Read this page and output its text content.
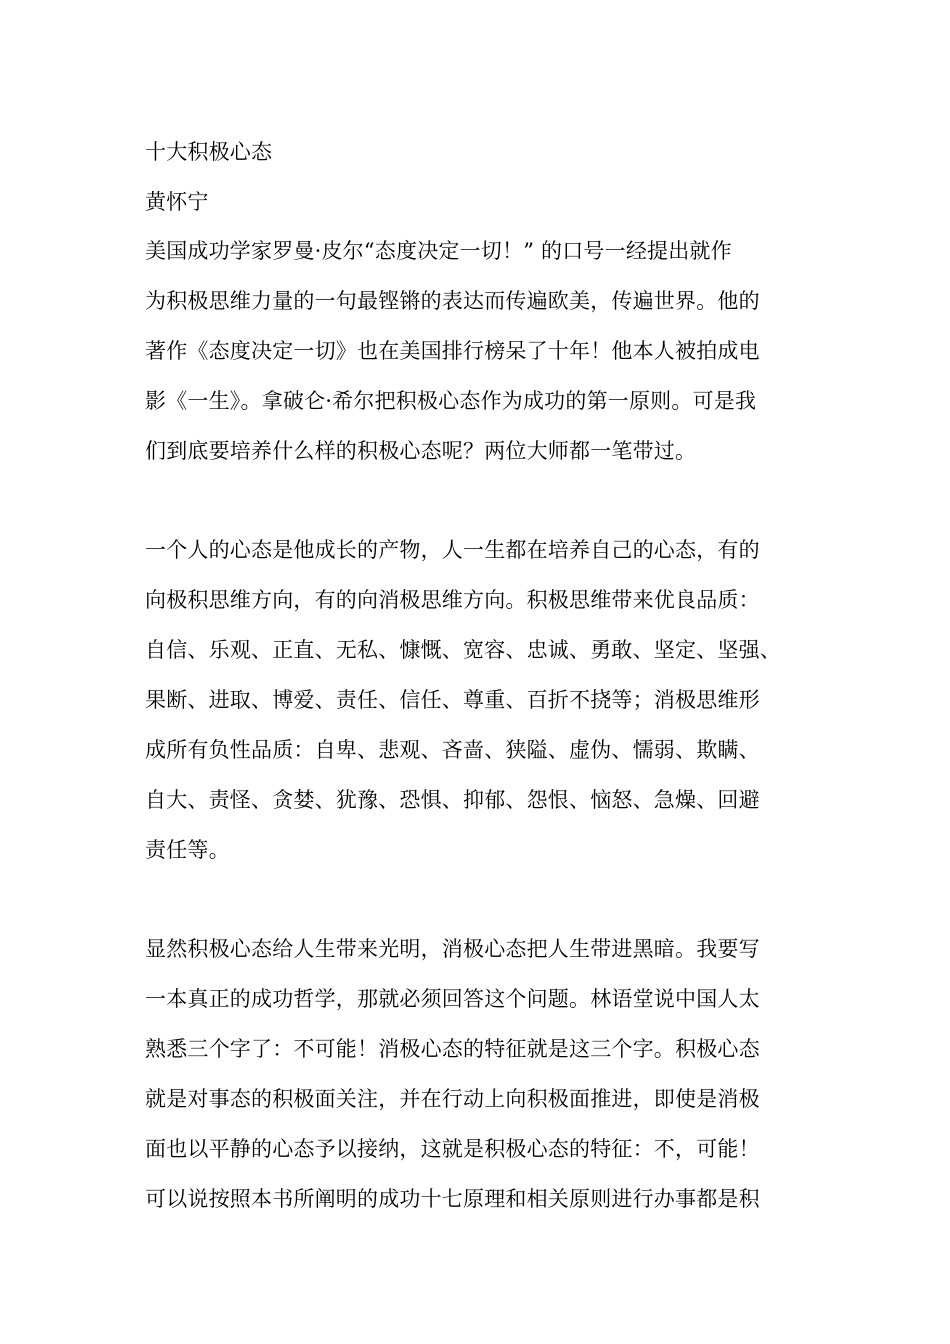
十大积极心态
黄怀宁
美国成功学家罗曼·皮尔“态度决定一切！” 的口号一经提出就作
为积极思维力量的一句最铿锵的表达而传遍欧美，传遍世界。他的
著作《态度决定一切》也在美国排行榜呆了十年！他本人被拍成电
影《一生》。拿破仑·希尔把积极心态作为成功的第一原则。可是我
们到底要培养什么样的积极心态呢？两位大师都一笔带过。
一个人的心态是他成长的产物，人一生都在培养自己的心态，有的
向极积思维方向，有的向消极思维方向。积极思维带来优良品质：
自信、乐观、正直、无私、慷慨、宽容、忠诚、勇敢、坚定、坚强、
果断、进取、博爱、责任、信任、尊重、百折不挠等；消极思维形
成所有负性品质：自卑、悲观、吝啬、狭隘、虚伪、懦弱、欺瞒、
自大、责怪、贪婪、犹豫、恐惧、抑郁、怨恨、恼怒、急燥、回避
责任等。
显然积极心态给人生带来光明，消极心态把人生带进黑暗。我要写
一本真正的成功哲学，那就必须回答这个问题。林语堂说中国人太
熟悉三个字了：不可能！消极心态的特征就是这三个字。积极心态
就是对事态的积极面关注，并在行动上向积极面推进，即使是消极
面也以平静的心态予以接纳，这就是积极心态的特征：不，可能！
可以说按照本书所阐明的成功十七原理和相关原则进行办事都是积
